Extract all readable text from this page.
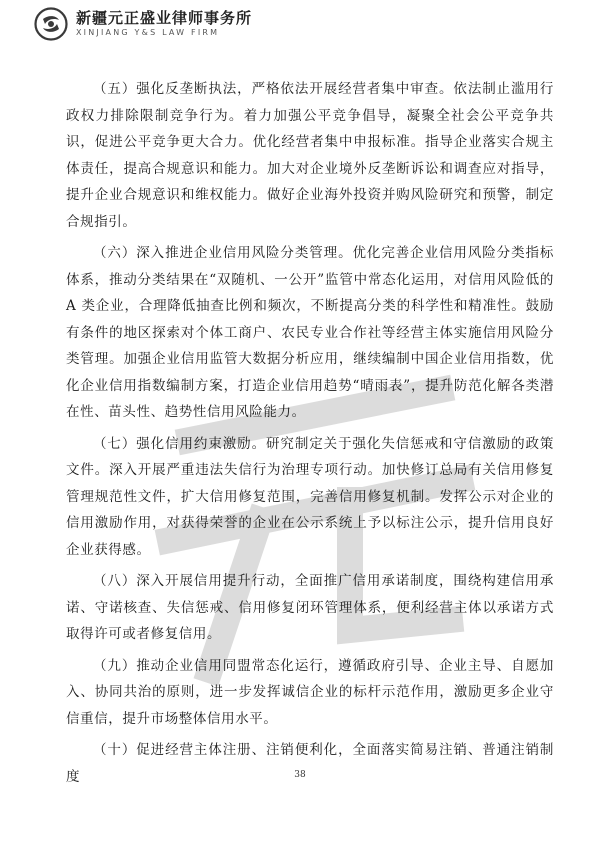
新疆元正盛业律师事务所
XINJIANG Y&S LAW FIRM

（五）强化反垄断执法，严格依法开展经营者集中审查。依法制止滥用行政权力排除限制竞争行为。着力加强公平竞争倡导，凝聚全社会公平竞争共识，促进公平竞争更大合力。优化经营者集中申报标准。指导企业落实合规主体责任，提高合规意识和能力。加大对企业境外反垄断诉讼和调查应对指导，提升企业合规意识和维权能力。做好企业海外投资并购风险研究和预警，制定合规指引。

（六）深入推进企业信用风险分类管理。优化完善企业信用风险分类指标体系，推动分类结果在“双随机、一公开”监管中常态化运用，对信用风险低的 A 类企业，合理降低抽查比例和频次，不断提高分类的科学性和精准性。鼓励有条件的地区探索对个体工商户、农民专业合作社等经营主体实施信用风险分类管理。加强企业信用监管大数据分析应用，继续编制中国企业信用指数，优化企业信用指数编制方案，打造企业信用趋势“晴雨表”，提升防范化解各类潜在性、苗头性、趋势性信用风险能力。

（七）强化信用约束激励。研究制定关于强化失信惩戒和守信激励的政策文件。深入开展严重违法失信行为治理专项行动。加快修订总局有关信用修复管理规范性文件，扩大信用修复范围，完善信用修复机制。发挥公示对企业的信用激励作用，对获得荣誉的企业在公示系统上予以标注公示，提升信用良好企业获得感。

（八）深入开展信用提升行动，全面推广信用承诺制度，围绕构建信用承诺、守诺核查、失信惩戒、信用修复闭环管理体系，便利经营主体以承诺方式取得许可或者修复信用。

（九）推动企业信用同盟常态化运行，遵循政府引导、企业主导、自愿加入、协同共治的原则，进一步发挥诚信企业的标杆示范作用，激励更多企业守信重信，提升市场整体信用水平。

（十）促进经营主体注册、注销便利化，全面落实简易注销、普通注销制度	38
